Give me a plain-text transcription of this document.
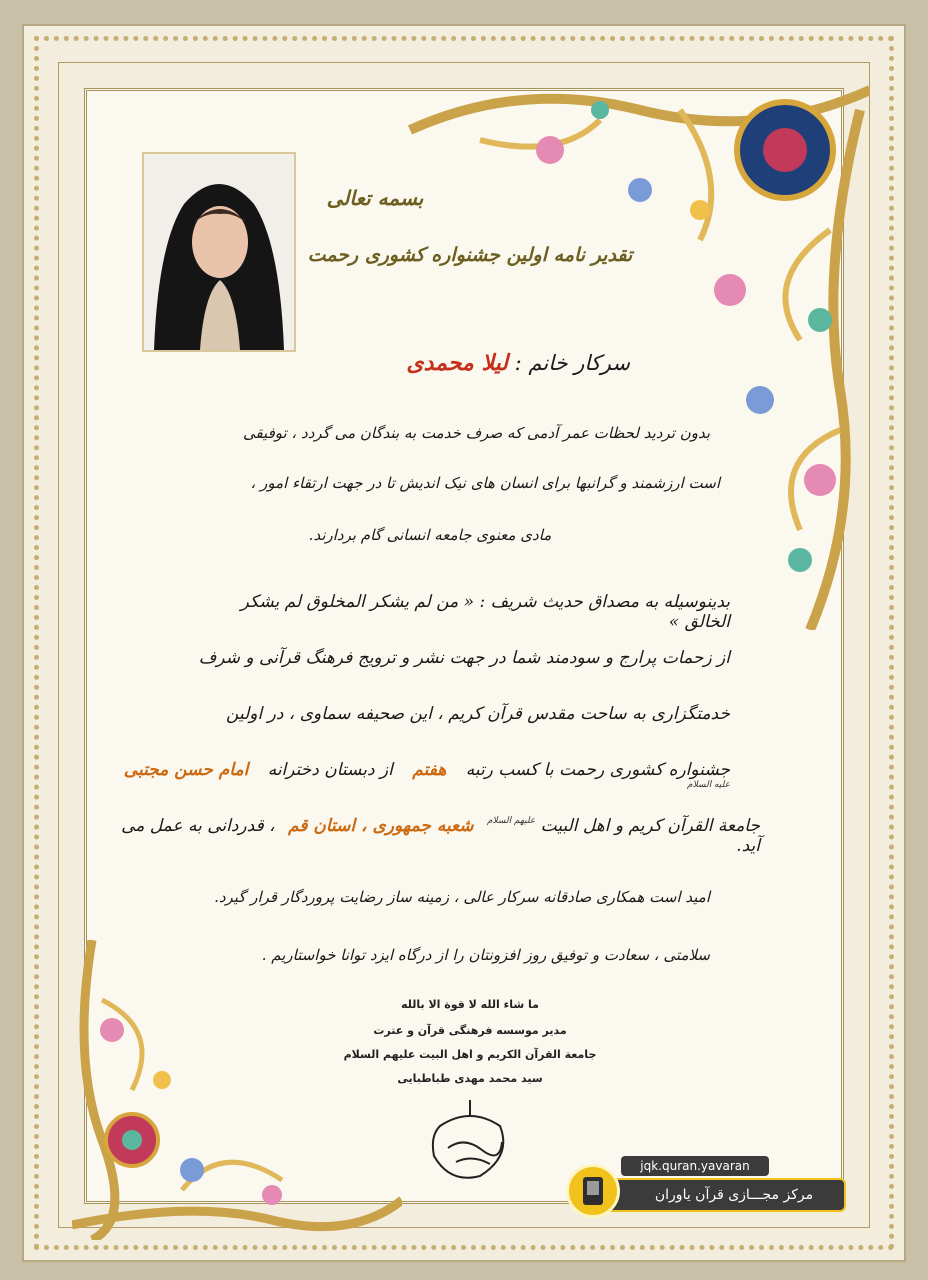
بسمه تعالی
تقدیر نامه اولین جشنواره کشوری رحمت
سرکار خانم : لیلا محمدی
بدون تردید لحظات عمر آدمی که صرف خدمت به بندگان می گردد ، توفیقی
است ارزشمند و گرانبها برای انسان های نیک اندیش تا در جهت ارتقاء امور ،
مادی معنوی جامعه انسانی گام بردارند.
بدینوسیله به مصداق حدیث شریف : « من لم یشکر المخلوق لم یشکر الخالق »
از زحمات پرارج و سودمند شما در جهت نشر و ترویج فرهنگ قرآنی و شرف
خدمتگزاری به ساحت مقدس قرآن کریم ، این صحیفه سماوی ، در اولین
جشنواره کشوری رحمت با کسب رتبه هفتم از دبستان دخترانه امام حسن مجتبی $^{علیه السلام}$
جامعة القرآن کریم و اهل البیت $^{علیهم السلام}$ شعبه جمهوری ، استان قم ، قدردانی به عمل می آید.
امید است همکاری صادقانه سرکار عالی ، زمینه ساز رضایت پروردگار قرار گیرد.
سلامتی ، سعادت و توفیق روز افزونتان را از درگاه ایزد توانا خواستاریم .
ما شاء الله لا قوة الا بالله
مدیر موسسه فرهنگی قرآن و عترت
جامعة القرآن الکریم و اهل البیت علیهم السلام
سید محمد مهدی طباطبایی
jqk.quran.yavaran
مرکز مجـــازی قرآن یاوران
